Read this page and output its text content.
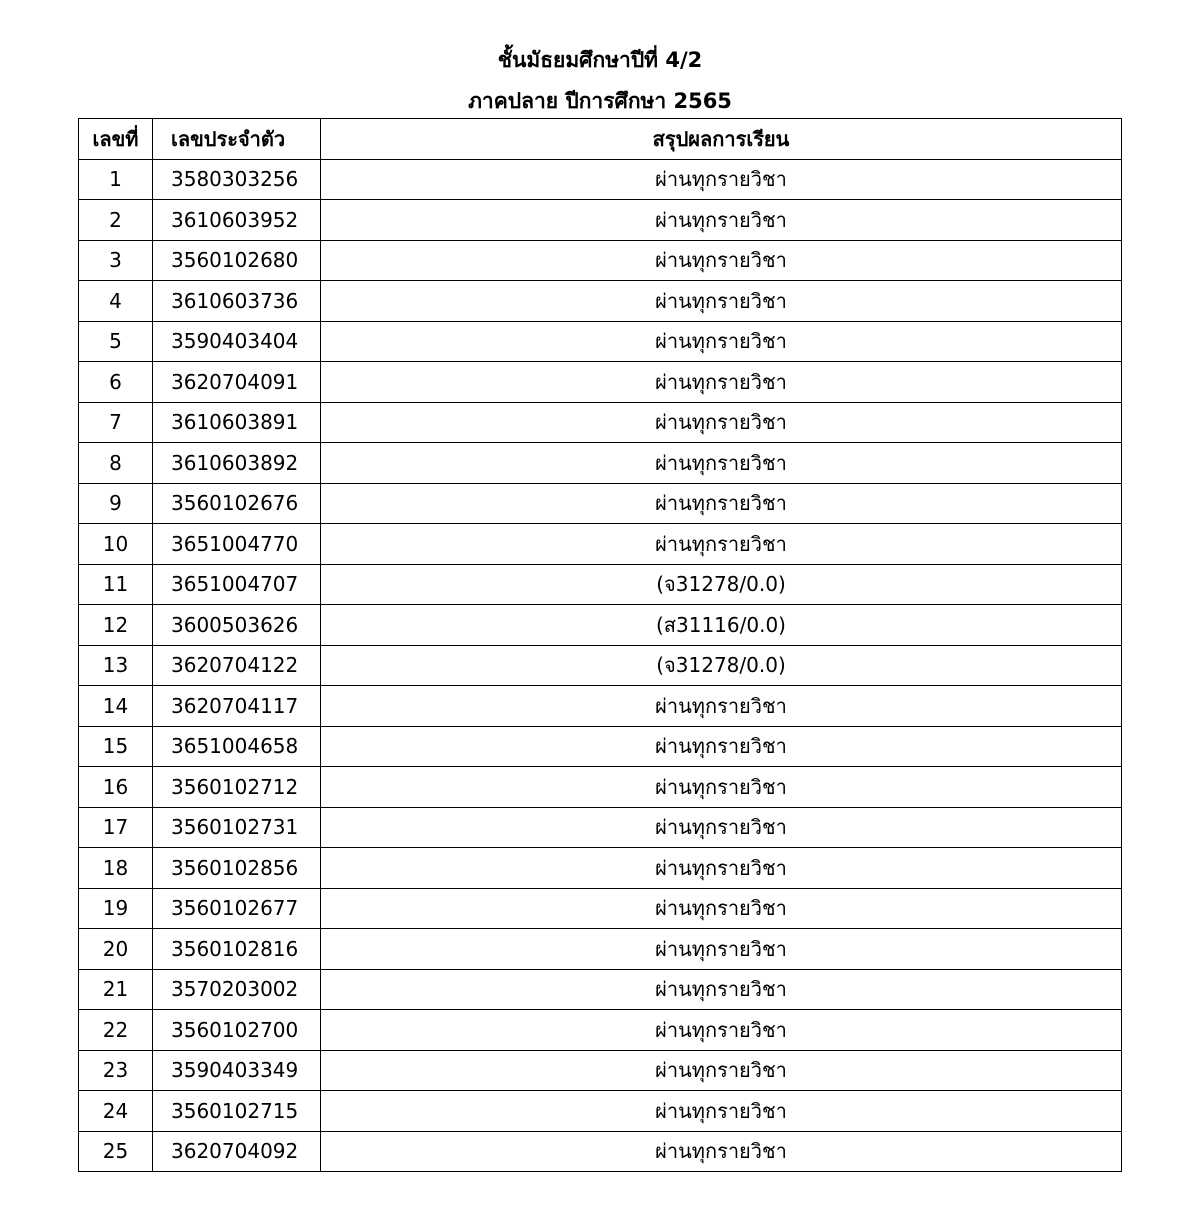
ชั้นมัธยมศึกษาปีที่ 4/2
ภาคปลาย ปีการศึกษา 2565
เลขที่	เลขประจำตัว	สรุปผลการเรียน
1	3580303256	ผ่านทุกรายวิชา
2	3610603952	ผ่านทุกรายวิชา
3	3560102680	ผ่านทุกรายวิชา
4	3610603736	ผ่านทุกรายวิชา
5	3590403404	ผ่านทุกรายวิชา
6	3620704091	ผ่านทุกรายวิชา
7	3610603891	ผ่านทุกรายวิชา
8	3610603892	ผ่านทุกรายวิชา
9	3560102676	ผ่านทุกรายวิชา
10	3651004770	ผ่านทุกรายวิชา
11	3651004707	(จ31278/0.0)
12	3600503626	(ส31116/0.0)
13	3620704122	(จ31278/0.0)
14	3620704117	ผ่านทุกรายวิชา
15	3651004658	ผ่านทุกรายวิชา
16	3560102712	ผ่านทุกรายวิชา
17	3560102731	ผ่านทุกรายวิชา
18	3560102856	ผ่านทุกรายวิชา
19	3560102677	ผ่านทุกรายวิชา
20	3560102816	ผ่านทุกรายวิชา
21	3570203002	ผ่านทุกรายวิชา
22	3560102700	ผ่านทุกรายวิชา
23	3590403349	ผ่านทุกรายวิชา
24	3560102715	ผ่านทุกรายวิชา
25	3620704092	ผ่านทุกรายวิชา
